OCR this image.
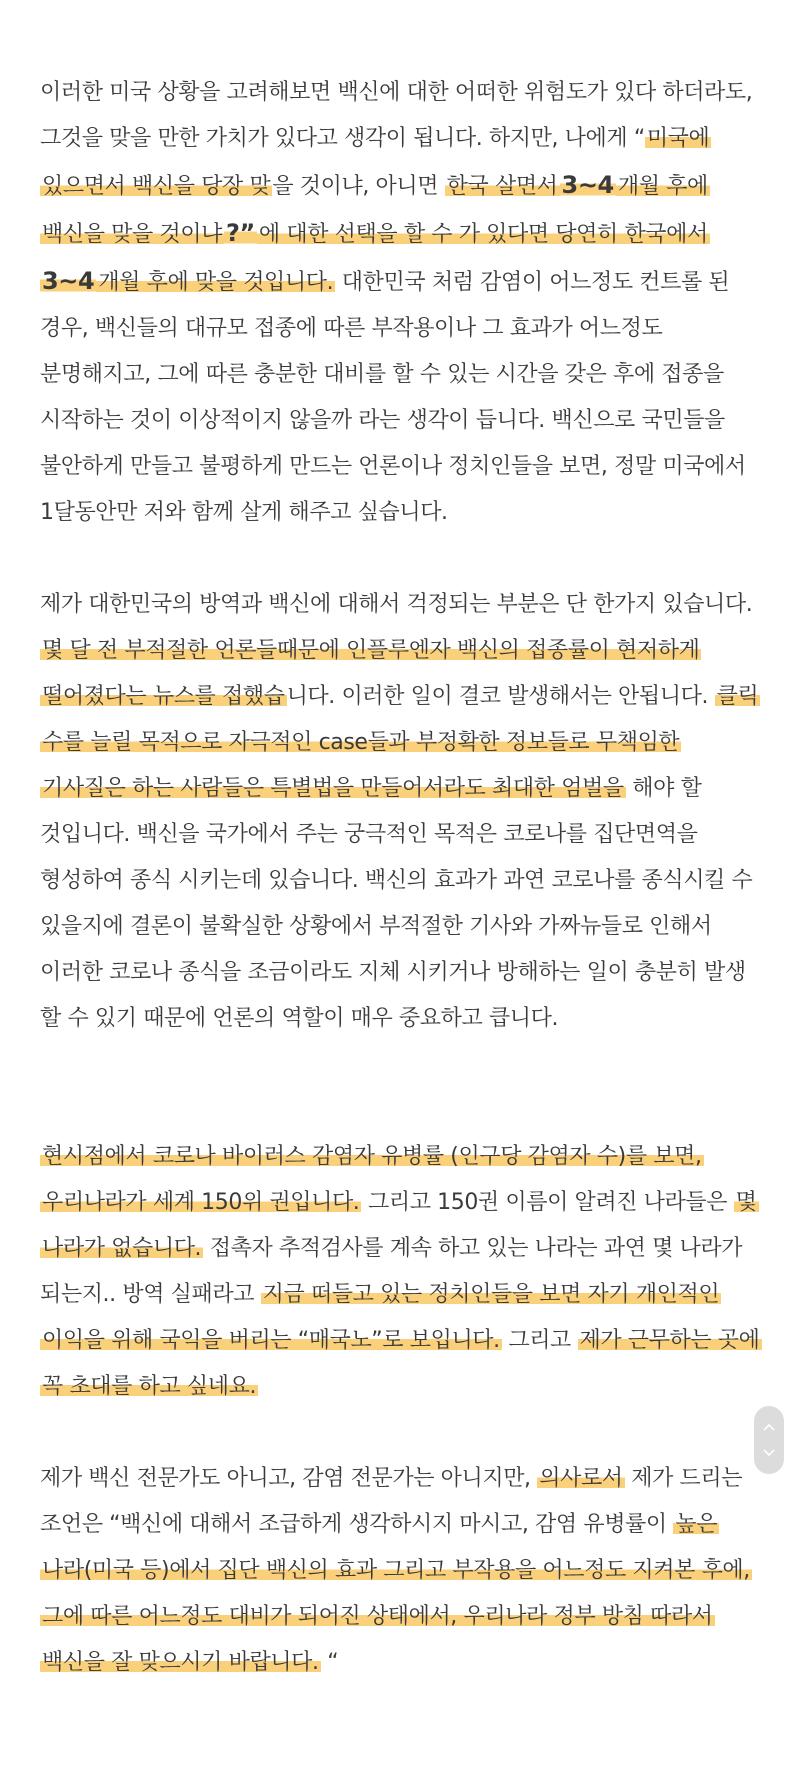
이러한 미국 상황을 고려해보면 백신에 대한 어떠한 위험도가 있다 하더라도, 그것을 맞을 만한 가치가 있다고 생각이 됩니다. 하지만, 나에게 “미국에 있으면서 백신을 당장 맞을 것이냐, 아니면 한국 살면서 3~4 개월 후에 백신을 맞을 것이냐 ?” 에 대한 선택을 할 수 가 있다면 당연히 한국에서 3~4 개월 후에 맞을 것입니다. 대한민국 처럼 감염이 어느정도 컨트롤 된 경우, 백신들의 대규모 접종에 따른 부작용이나 그 효과가 어느정도 분명해지고, 그에 따른 충분한 대비를 할 수 있는 시간을 갖은 후에 접종을 시작하는 것이 이상적이지 않을까 라는 생각이 듭니다. 백신으로 국민들을 불안하게 만들고 불평하게 만드는 언론이나 정치인들을 보면, 정말 미국에서 1달동안만 저와 함께 살게 해주고 싶습니다.

제가 대한민국의 방역과 백신에 대해서 걱정되는 부분은 단 한가지 있습니다. 몇 달 전 부적절한 언론들때문에 인플루엔자 백신의 접종률이 현저하게 떨어졌다는 뉴스를 접했습니다. 이러한 일이 결코 발생해서는 안됩니다. 클릭 수를 늘릴 목적으로 자극적인 case들과 부정확한 정보들로 무책임한 기사질은 하는 사람들은 특별법을 만들어서라도 최대한 엄벌을 해야 할 것입니다. 백신을 국가에서 주는 궁극적인 목적은 코로나를 집단면역을 형성하여 종식 시키는데 있습니다. 백신의 효과가 과연 코로나를 종식시킬 수 있을지에 결론이 불확실한 상황에서 부적절한 기사와 가짜뉴들로 인해서 이러한 코로나 종식을 조금이라도 지체 시키거나 방해하는 일이 충분히 발생 할 수 있기 때문에 언론의 역할이 매우 중요하고 큽니다.

현시점에서 코로나 바이러스 감염자 유병률 (인구당 감염자 수)를 보면, 우리나라가 세계 150위 권입니다. 그리고 150권 이름이 알려진 나라들은 몇 나라가 없습니다. 접촉자 추적검사를 계속 하고 있는 나라는 과연 몇 나라가 되는지.. 방역 실패라고 지금 떠들고 있는 정치인들을 보면 자기 개인적인 이익을 위해 국익을 버리는 “매국노”로 보입니다. 그리고 제가 근무하는 곳에 꼭 초대를 하고 싶네요.

제가 백신 전문가도 아니고, 감염 전문가는 아니지만, 의사로서 제가 드리는 조언은 “백신에 대해서 조급하게 생각하시지 마시고, 감염 유병률이 높은 나라(미국 등)에서 집단 백신의 효과 그리고 부작용을 어느정도 지켜본 후에, 그에 따른 어느정도 대비가 되어진 상태에서, 우리나라 정부 방침 따라서 백신을 잘 맞으시기 바랍니다. “
